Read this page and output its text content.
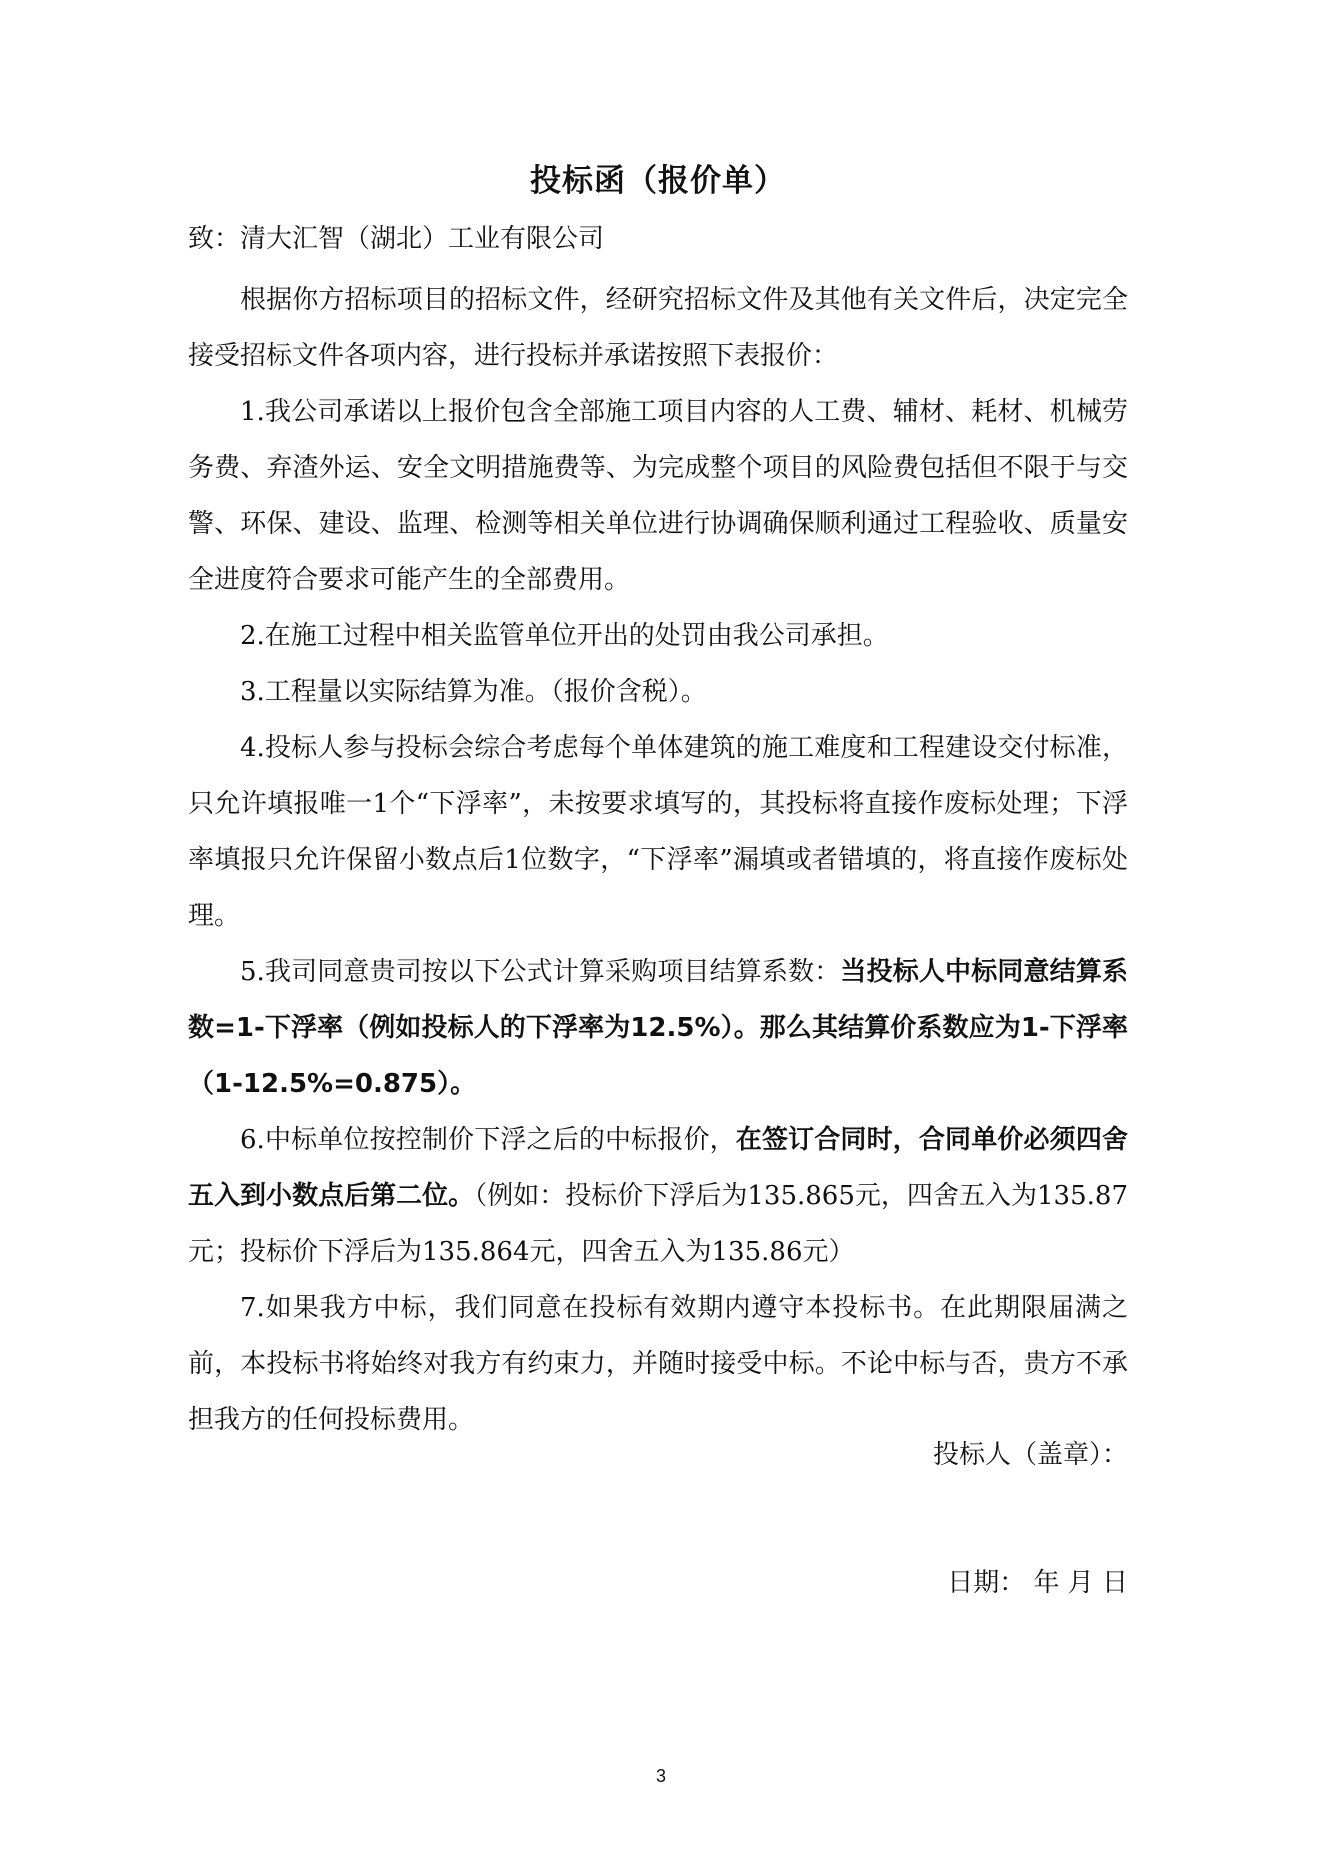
投标函（报价单）

致：清大汇智（湖北）工业有限公司

根据你方招标项目的招标文件，经研究招标文件及其他有关文件后，决定完全接受招标文件各项内容，进行投标并承诺按照下表报价：

1.我公司承诺以上报价包含全部施工项目内容的人工费、辅材、耗材、机械劳务费、弃渣外运、安全文明措施费等、为完成整个项目的风险费包括但不限于与交警、环保、建设、监理、检测等相关单位进行协调确保顺利通过工程验收、质量安全进度符合要求可能产生的全部费用。

2.在施工过程中相关监管单位开出的处罚由我公司承担。

3.工程量以实际结算为准。（报价含税）。

4.投标人参与投标会综合考虑每个单体建筑的施工难度和工程建设交付标准，只允许填报唯一1个“下浮率”，未按要求填写的，其投标将直接作废标处理；下浮率填报只允许保留小数点后1位数字，“下浮率”漏填或者错填的，将直接作废标处理。

5.我司同意贵司按以下公式计算采购项目结算系数：当投标人中标同意结算系数=1-下浮率（例如投标人的下浮率为12.5%）。那么其结算价系数应为1-下浮率（1-12.5%=0.875）。

6.中标单位按控制价下浮之后的中标报价，在签订合同时，合同单价必须四舍五入到小数点后第二位。（例如：投标价下浮后为135.865元，四舍五入为135.87元；投标价下浮后为135.864元，四舍五入为135.86元）

7.如果我方中标，我们同意在投标有效期内遵守本投标书。在此期限届满之前，本投标书将始终对我方有约束力，并随时接受中标。不论中标与否，贵方不承担我方的任何投标费用。

投标人（盖章）：
日期： 年 月 日
3
